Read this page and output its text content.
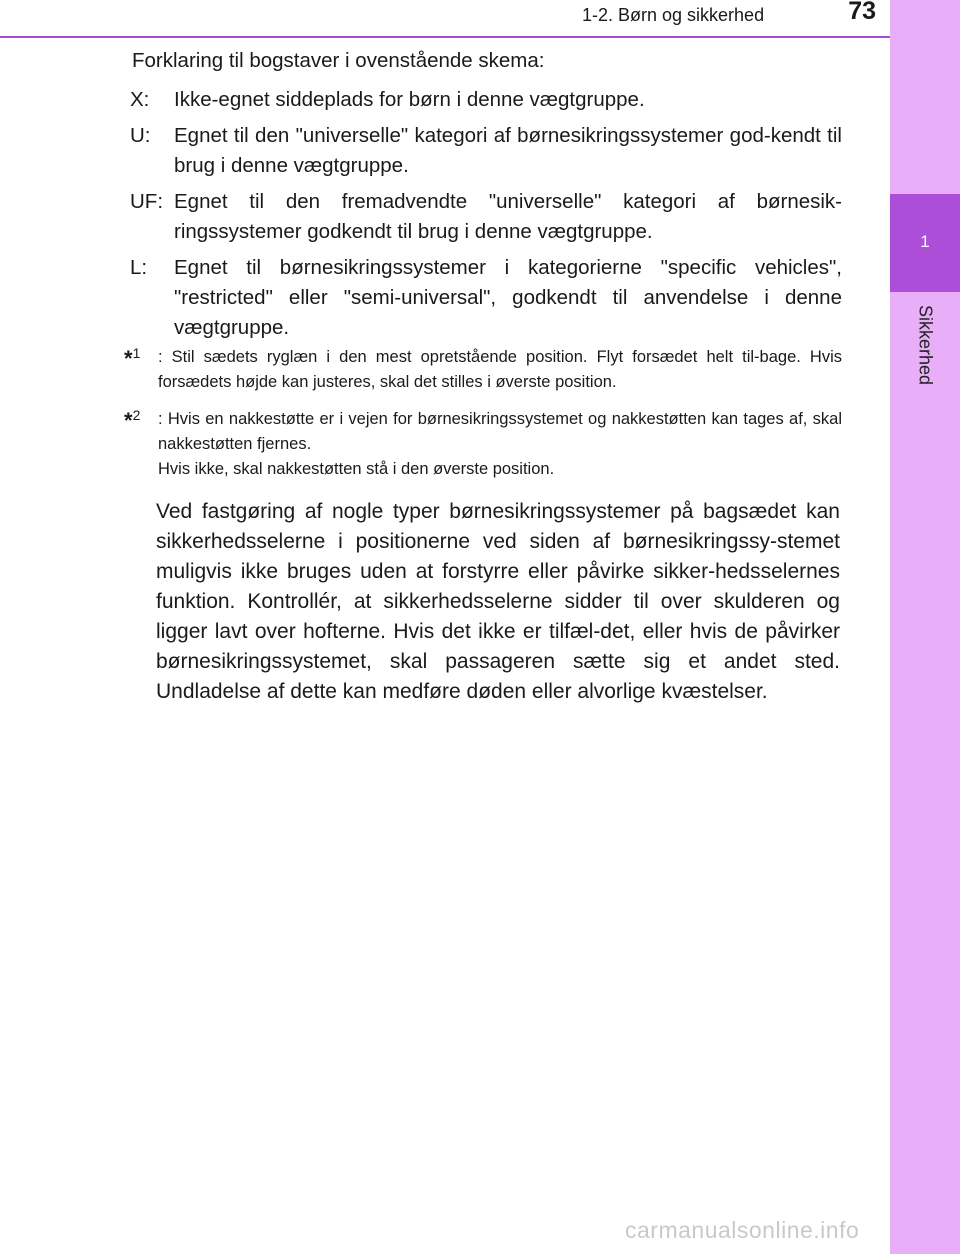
1
Sikkerhed
1-2. Børn og sikkerhed	73

Forklaring til bogstaver i ovenstående skema:

X: Ikke-egnet siddeplads for børn i denne vægtgruppe.
U: Egnet til den "universelle" kategori af børnesikringssystemer god-kendt til brug i denne vægtgruppe.
UF: Egnet til den fremadvendte "universelle" kategori af børnesik-ringssystemer godkendt til brug i denne vægtgruppe.
L: Egnet til børnesikringssystemer i kategorierne "specific vehicles", "restricted" eller "semi-universal", godkendt til anvendelse i denne vægtgruppe.
*$^1$ : Stil sædets ryglæn i den mest opretstående position. Flyt forsædet helt til-bage. Hvis forsædets højde kan justeres, skal det stilles i øverste position.
*$^2$ : Hvis en nakkestøtte er i vejen for børnesikringssystemet og nakkestøtten kan tages af, skal nakkestøtten fjernes.
Hvis ikke, skal nakkestøtten stå i den øverste position.

Ved fastgøring af nogle typer børnesikringssystemer på bagsædet kan sikkerhedsselerne i positionerne ved siden af børnesikringssy-stemet muligvis ikke bruges uden at forstyrre eller påvirke sikker-hedsselernes funktion. Kontrollér, at sikkerhedsselerne sidder til over skulderen og ligger lavt over hofterne. Hvis det ikke er tilfæl-det, eller hvis de påvirker børnesikringssystemet, skal passageren sætte sig et andet sted. Undladelse af dette kan medføre døden eller alvorlige kvæstelser.

carmanualsonline.info
